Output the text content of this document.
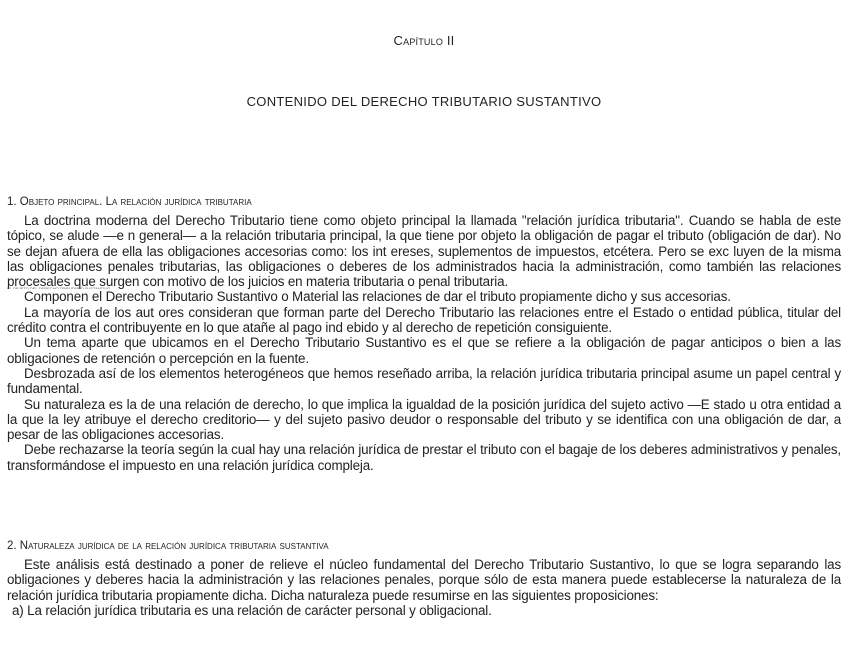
Capítulo II
CONTENIDO DEL DERECHO TRIBUTARIO SUSTANTIVO
1. Objeto principal. La relación jurídica tributaria

La doctrina moderna del Derecho Tributario tiene como objeto principal la llamada "relación jurídica tributaria". Cuando se habla de este tópico, se alude —e n general— a la relación tributaria principal, la que tiene por objeto la obligación de pagar el tributo (obligación de dar). No se dejan afuera de ella las obligaciones accesorias como: los int ereses, suplementos de impuestos, etcétera. Pero se exc luyen de la misma las obligaciones penales tributarias, las obligaciones o deberes de los administrados hacia la administración, como también las relaciones procesales que surgen con motivo de los juicios en materia tributaria o penal tributaria.

Componen el Derecho Tributario Sustantivo o Material las relaciones de dar el tributo propiamente dicho y sus accesorias.

La mayoría de los aut ores consideran que forman parte del Derecho Tributario las relaciones entre el Estado o entidad pública, titular del crédito contra el contribuyente en lo que atañe al pago ind ebido y al derecho de repetición consiguiente.

Un tema aparte que ubicamos en el Derecho Tributario Sustantivo es el que se refiere a la obligación de pagar anticipos o bien a las obligaciones de retención o percepción en la fuente.

Desbrozada así de los elementos heterogéneos que hemos reseñado arriba, la relación jurídica tributaria principal asume un papel central y fundamental.

Su naturaleza es la de una relación de derecho, lo que implica la igualdad de la posición jurídica del sujeto activo —E stado u otra entidad a la que la ley atribuye el derecho creditorio— y del sujeto pasivo deudor o responsable del tributo y se identifica con una obligación de dar, a pesar de las obligaciones accesorias.

Debe rechazarse la teoría según la cual hay una relación jurídica de prestar el tributo con el bagaje de los deberes administrativos y penales, transformándose el impuesto en una relación jurídica compleja.

2. Naturaleza jurídica de la relación jurídica tributaria sustantiva

Este análisis está destinado a poner de relieve el núcleo fundamental del Derecho Tributario Sustantivo, lo que se logra separando las obligaciones y deberes hacia la administración y las relaciones penales, porque sólo de esta manera puede establecerse la naturaleza de la relación jurídica tributaria propiamente dicha. Dicha naturaleza puede resumirse en las siguientes proposiciones:

a) La relación jurídica tributaria es una relación de carácter personal y obligacional.
